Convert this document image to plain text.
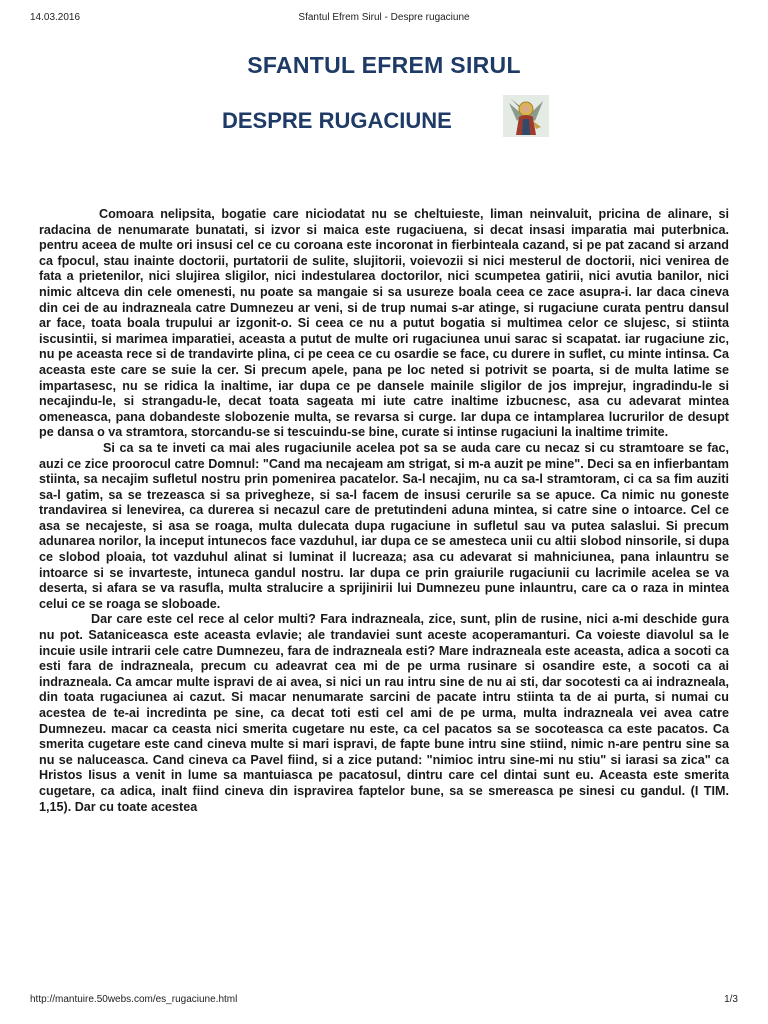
14.03.2016	Sfantul Efrem Sirul - Despre rugaciune
SFANTUL EFREM SIRUL
DESPRE RUGACIUNE

Comoara nelipsita, bogatie care niciodatat nu se cheltuieste, liman neinvaluit, pricina de alinare, si radacina de nenumarate bunatati, si izvor si maica este rugaciuena, si decat insasi imparatia mai puterbnica. pentru aceea de multe ori insusi cel ce cu coroana este incoronat in fierbinteala cazand, si pe pat zacand si arzand ca fpocul, stau inainte doctorii, purtatorii de sulite, slujitorii, voievozii si nici mesterul de doctorii, nici venirea de fata a prietenilor, nici slujirea sligilor, nici indestularea doctorilor, nici scumpetea gatirii, nici avutia banilor, nici nimic altceva din cele omenesti, nu poate sa mangaie si sa usureze boala ceea ce zace asupra-i. Iar daca cineva din cei de au indrazneala catre Dumnezeu ar veni, si de trup numai s-ar atinge, si rugaciune curata pentru dansul ar face, toata boala trupului ar izgonit-o. Si ceea ce nu a putut bogatia si multimea celor ce slujesc, si stiinta iscusintii, si marimea imparatiei, aceasta a putut de multe ori rugaciunea unui sarac si scapatat. iar rugaciune zic, nu pe aceasta rece si de trandavirte plina, ci pe ceea ce cu osardie se face, cu durere in suflet, cu minte intinsa. Ca aceasta este care se suie la cer. Si precum apele, pana pe loc neted si potrivit se poarta, si de multa latime se impartasesc, nu se ridica la inaltime, iar dupa ce pe dansele mainile sligilor de jos imprejur, ingradindu-le si necajindu-le, si strangadu-le, decat toata sageata mi iute catre inaltime izbucnesc, asa cu adevarat mintea omeneasca, pana dobandeste slobozenie multa, se revarsa si curge. Iar dupa ce intamplarea lucrurilor de desupt pe dansa o va stramtora, storcandu-se si tescuindu-se bine, curate si intinse rugaciuni la inaltime trimite.

Si ca sa te inveti ca mai ales rugaciunile acelea pot sa se auda care cu necaz si cu stramtoare se fac, auzi ce zice proorocul catre Domnul: "Cand ma necajeam am strigat, si m-a auzit pe mine". Deci sa en infierbantam stiinta, sa necajim sufletul nostru prin pomenirea pacatelor. Sa-l necajim, nu ca sa-l stramtoram, ci ca sa fim auziti sa-l gatim, sa se trezeasca si sa privegheze, si sa-l facem de insusi cerurile sa se apuce. Ca nimic nu goneste trandavirea si lenevirea, ca durerea si necazul care de pretutindeni aduna mintea, si catre sine o intoarce. Cel ce asa se necajeste, si asa se roaga, multa dulecata dupa rugaciune in sufletul sau va putea salaslui. Si precum adunarea norilor, la inceput intunecos face vazduhul, iar dupa ce se amesteca unii cu altii slobod ninsorile, si dupa ce slobod ploaia, tot vazduhul alinat si luminat il lucreaza; asa cu adevarat si mahniciunea, pana inlauntru se intoarce si se invarteste, intuneca gandul nostru. Iar dupa ce prin graiurile rugaciunii cu lacrimile acelea se va deserta, si afara se va rasufla, multa stralucire a sprijinirii lui Dumnezeu pune inlauntru, care ca o raza in mintea celui ce se roaga se sloboade.

Dar care este cel rece al celor multi? Fara indrazneala, zice, sunt, plin de rusine, nici a-mi deschide gura nu pot. Sataniceasca este aceasta evlavie; ale trandaviei sunt aceste acoperamanturi. Ca voieste diavolul sa le incuie usile intrarii cele catre Dumnezeu, fara de indrazneala esti? Mare indrazneala este aceasta, adica a socoti ca esti fara de indrazneala, precum cu adeavrat cea mi de pe urma rusinare si osandire este, a socoti ca ai indrazneala. Ca amcar multe ispravi de ai avea, si nici un rau intru sine de nu ai sti, dar socotesti ca ai indrazneala, din toata rugaciunea ai cazut. Si macar nenumarate sarcini de pacate intru stiinta ta de ai purta, si numai cu acestea de te-ai incredinta pe sine, ca decat toti esti cel ami de pe urma, multa indrazneala vei avea catre Dumnezeu. macar ca ceasta nici smerita cugetare nu este, ca cel pacatos sa se socoteasca ca este pacatos. Ca smerita cugetare este cand cineva multe si mari ispravi, de fapte bune intru sine stiind, nimic n-are pentru sine sa nu se naluceasca. Cand cineva ca Pavel fiind, si a zice putand: "nimioc intru sine-mi nu stiu" si iarasi sa zica" ca Hristos Iisus a venit in lume sa mantuiasca pe pacatosul, dintru care cel dintai sunt eu. Aceasta este smerita cugetare, ca adica, inalt fiind cineva din ispravirea faptelor bune, sa se smereasca pe sinesi cu gandul. (I TIM. 1,15). Dar cu toate acestea

http://mantuire.50webs.com/es_rugaciune.html	1/3
